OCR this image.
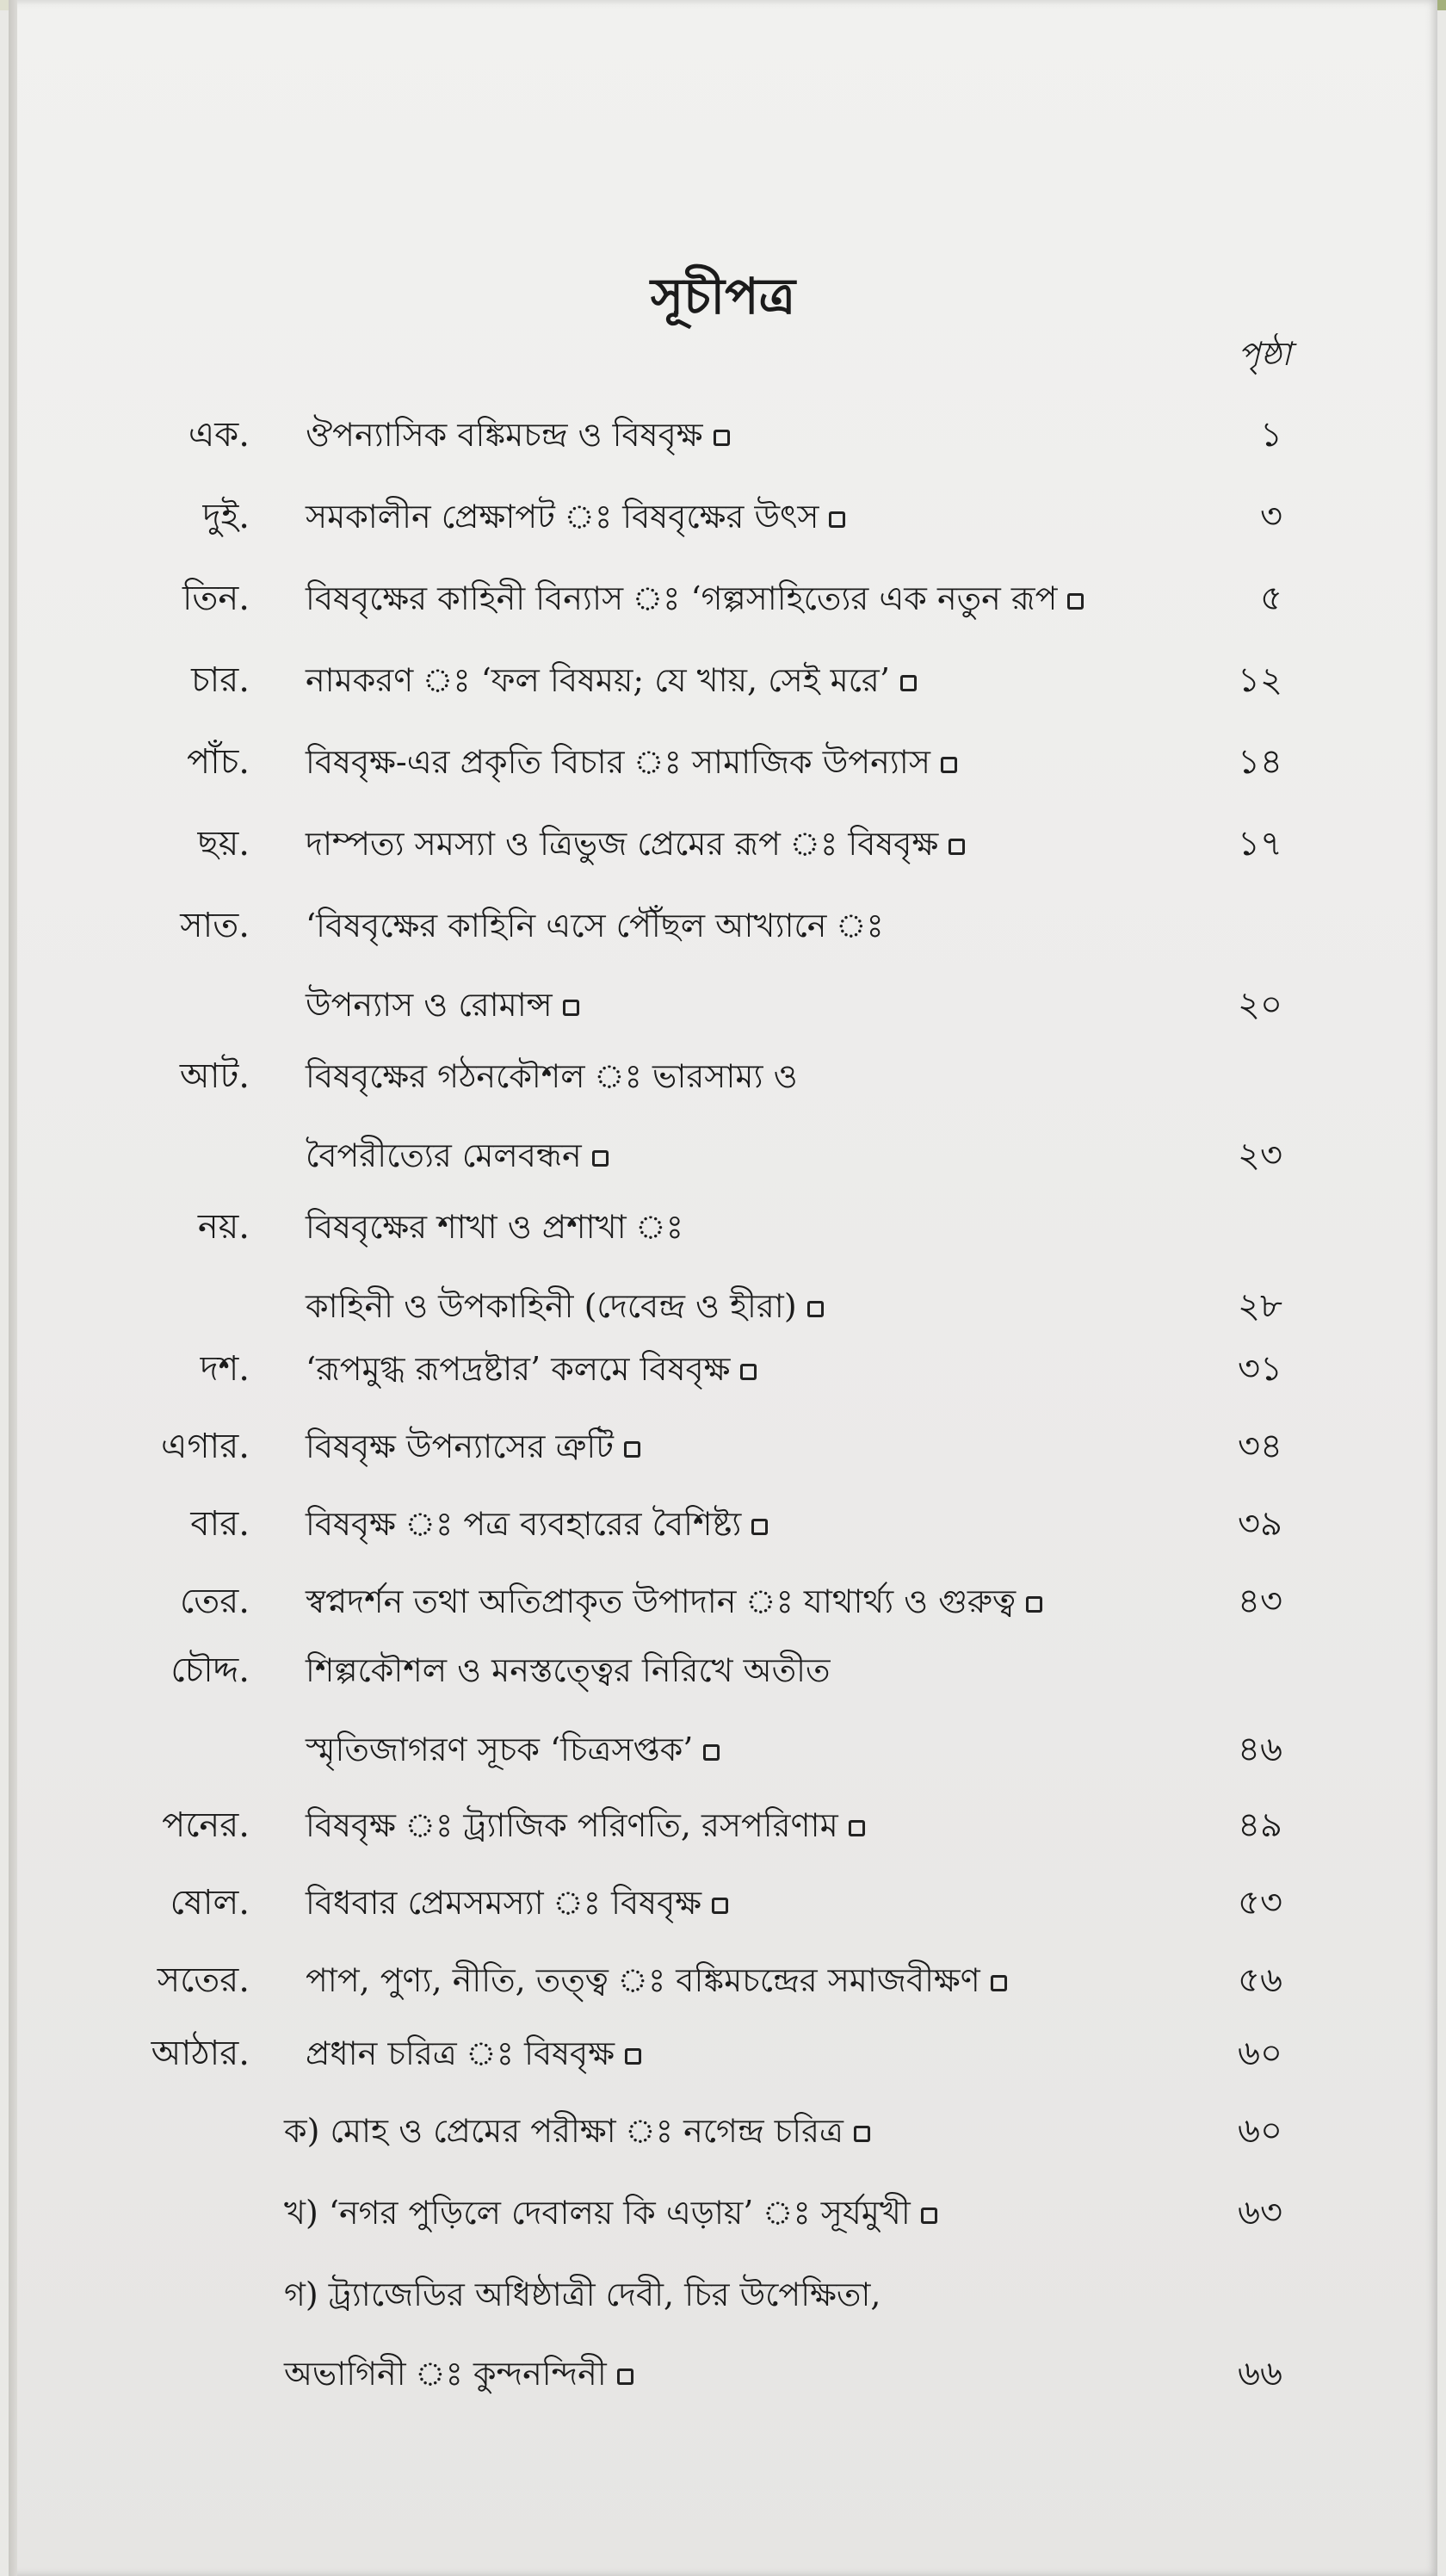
সূচীপত্র
পৃষ্ঠা
এক. ঔপন্যাসিক বঙ্কিমচন্দ্র ও বিষবৃক্ষ	১
দুই. সমকালীন প্রেক্ষাপট ঃ বিষবৃক্ষের উৎস	৩
তিন. বিষবৃক্ষের কাহিনী বিন্যাস ঃ ‘গল্পসাহিত্যের এক নতুন রূপ	৫
চার. নামকরণ ঃ ‘ফল বিষময়; যে খায়, সেই মরে’	১২
পাঁচ. বিষবৃক্ষ-এর প্রকৃতি বিচার ঃ সামাজিক উপন্যাস	১৪
ছয়. দাম্পত্য সমস্যা ও ত্রিভুজ প্রেমের রূপ ঃ বিষবৃক্ষ	১৭
সাত. ‘বিষবৃক্ষের কাহিনি এসে পৌঁছল আখ্যানে ঃ
উপন্যাস ও রোমান্স	২০
আট. বিষবৃক্ষের গঠনকৌশল ঃ ভারসাম্য ও
বৈপরীত্যের মেলবন্ধন	২৩
নয়. বিষবৃক্ষের শাখা ও প্রশাখা ঃ
কাহিনী ও উপকাহিনী (দেবেন্দ্র ও হীরা)	২৮
দশ. ‘রূপমুগ্ধ রূপদ্রষ্টার’ কলমে বিষবৃক্ষ	৩১
এগার. বিষবৃক্ষ উপন্যাসের ত্রুটি	৩৪
বার. বিষবৃক্ষ ঃ পত্র ব্যবহারের বৈশিষ্ট্য	৩৯
তের. স্বপ্নদর্শন তথা অতিপ্রাকৃত উপাদান ঃ যাথার্থ্য ও গুরুত্ব	৪৩
চৌদ্দ. শিল্পকৌশল ও মনস্তত্ত্বের নিরিখে অতীত
স্মৃতিজাগরণ সূচক ‘চিত্রসপ্তক’	৪৬
পনের. বিষবৃক্ষ ঃ ট্র্যাজিক পরিণতি, রসপরিণাম	৪৯
ষোল. বিধবার প্রেমসমস্যা ঃ বিষবৃক্ষ	৫৩
সতের. পাপ, পুণ্য, নীতি, তত্ত্ব ঃ বঙ্কিমচন্দ্রের সমাজবীক্ষণ	৫৬
আঠার. প্রধান চরিত্র ঃ বিষবৃক্ষ	৬০
ক) মোহ ও প্রেমের পরীক্ষা ঃ নগেন্দ্র চরিত্র	৬০
খ) ‘নগর পুড়িলে দেবালয় কি এড়ায়’ ঃ সূর্যমুখী	৬৩
গ) ট্র্যাজেডির অধিষ্ঠাত্রী দেবী, চির উপেক্ষিতা,
অভাগিনী ঃ কুন্দনন্দিনী	৬৬
